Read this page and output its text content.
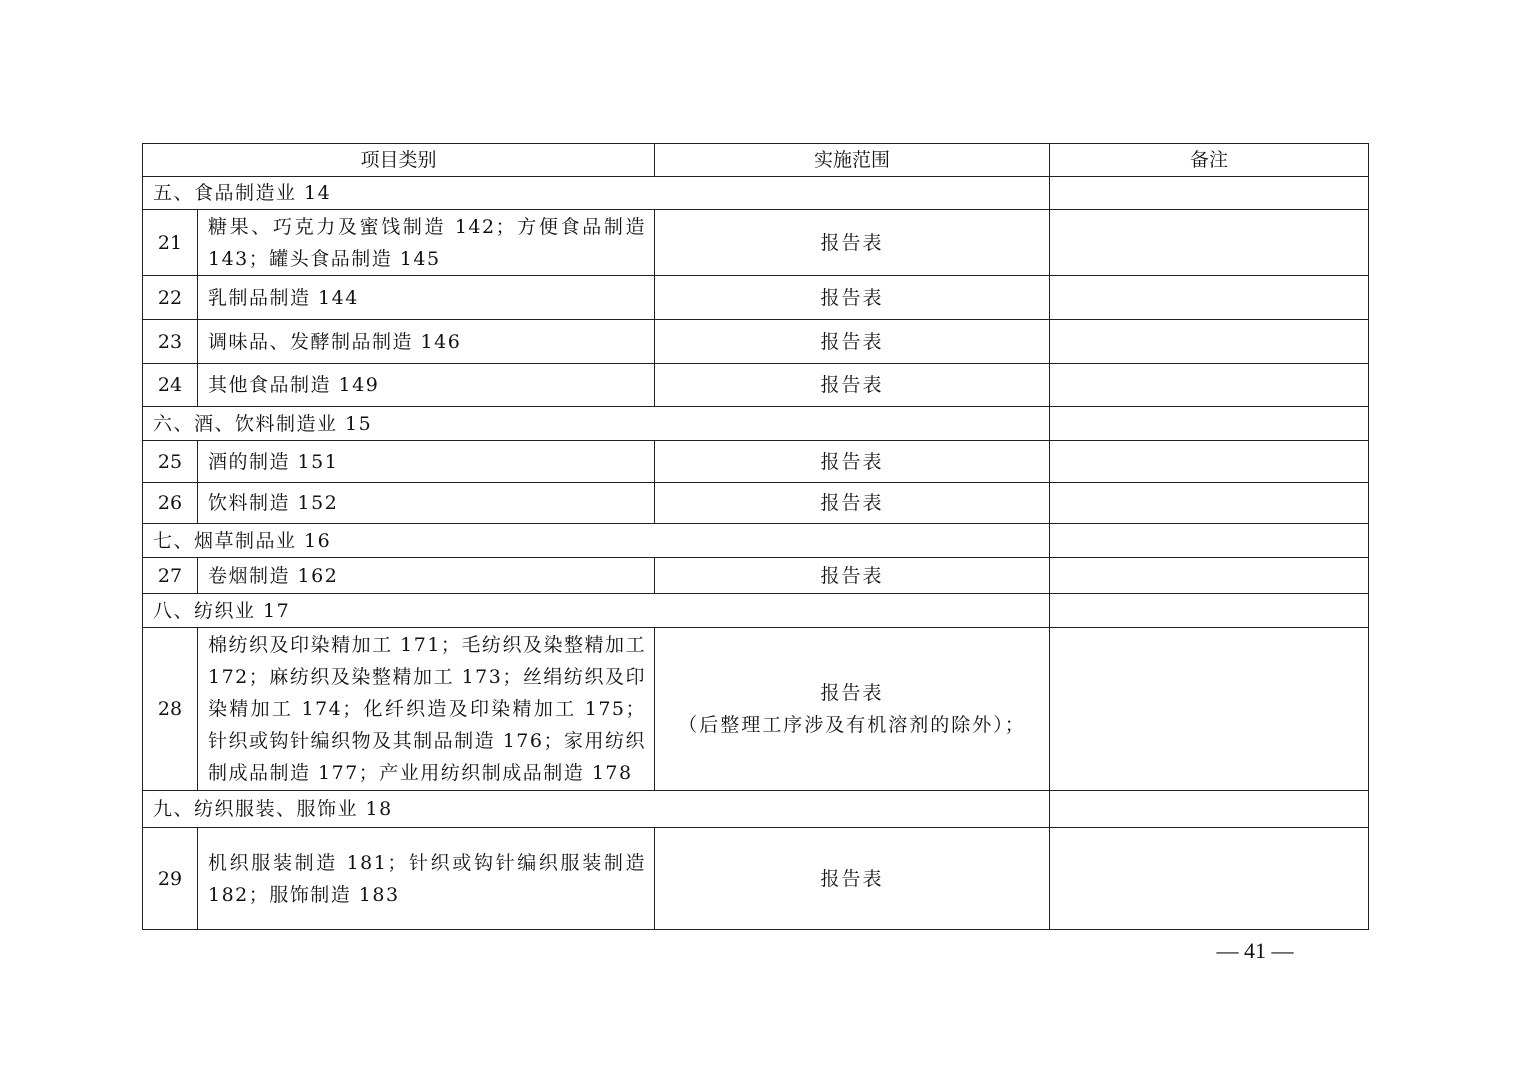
项目类别		实施范围	备注
五、食品制造业 14			
21	糖果、巧克力及蜜饯制造 142；方便食品制造 143；罐头食品制造 145	报告表	
22	乳制品制造 144	报告表	
23	调味品、发酵制品制造 146	报告表	
24	其他食品制造 149	报告表	
六、酒、饮料制造业 15			
25	酒的制造 151	报告表	
26	饮料制造 152	报告表	
七、烟草制品业 16			
27	卷烟制造 162	报告表	
八、纺织业 17			
28	棉纺织及印染精加工 171；毛纺织及染整精加工 172；麻纺织及染整精加工 173；丝绢纺织及印染精加工 174；化纤织造及印染精加工 175；针织或钩针编织物及其制品制造 176；家用纺织制成品制造 177；产业用纺织制成品制造 178	报告表
（后整理工序涉及有机溶剂的除外）；	

九、纺织服装、服饰业 18			
29	机织服装制造 181；针织或钩针编织服装制造 182；服饰制造 183	报告表	
— 41 —
